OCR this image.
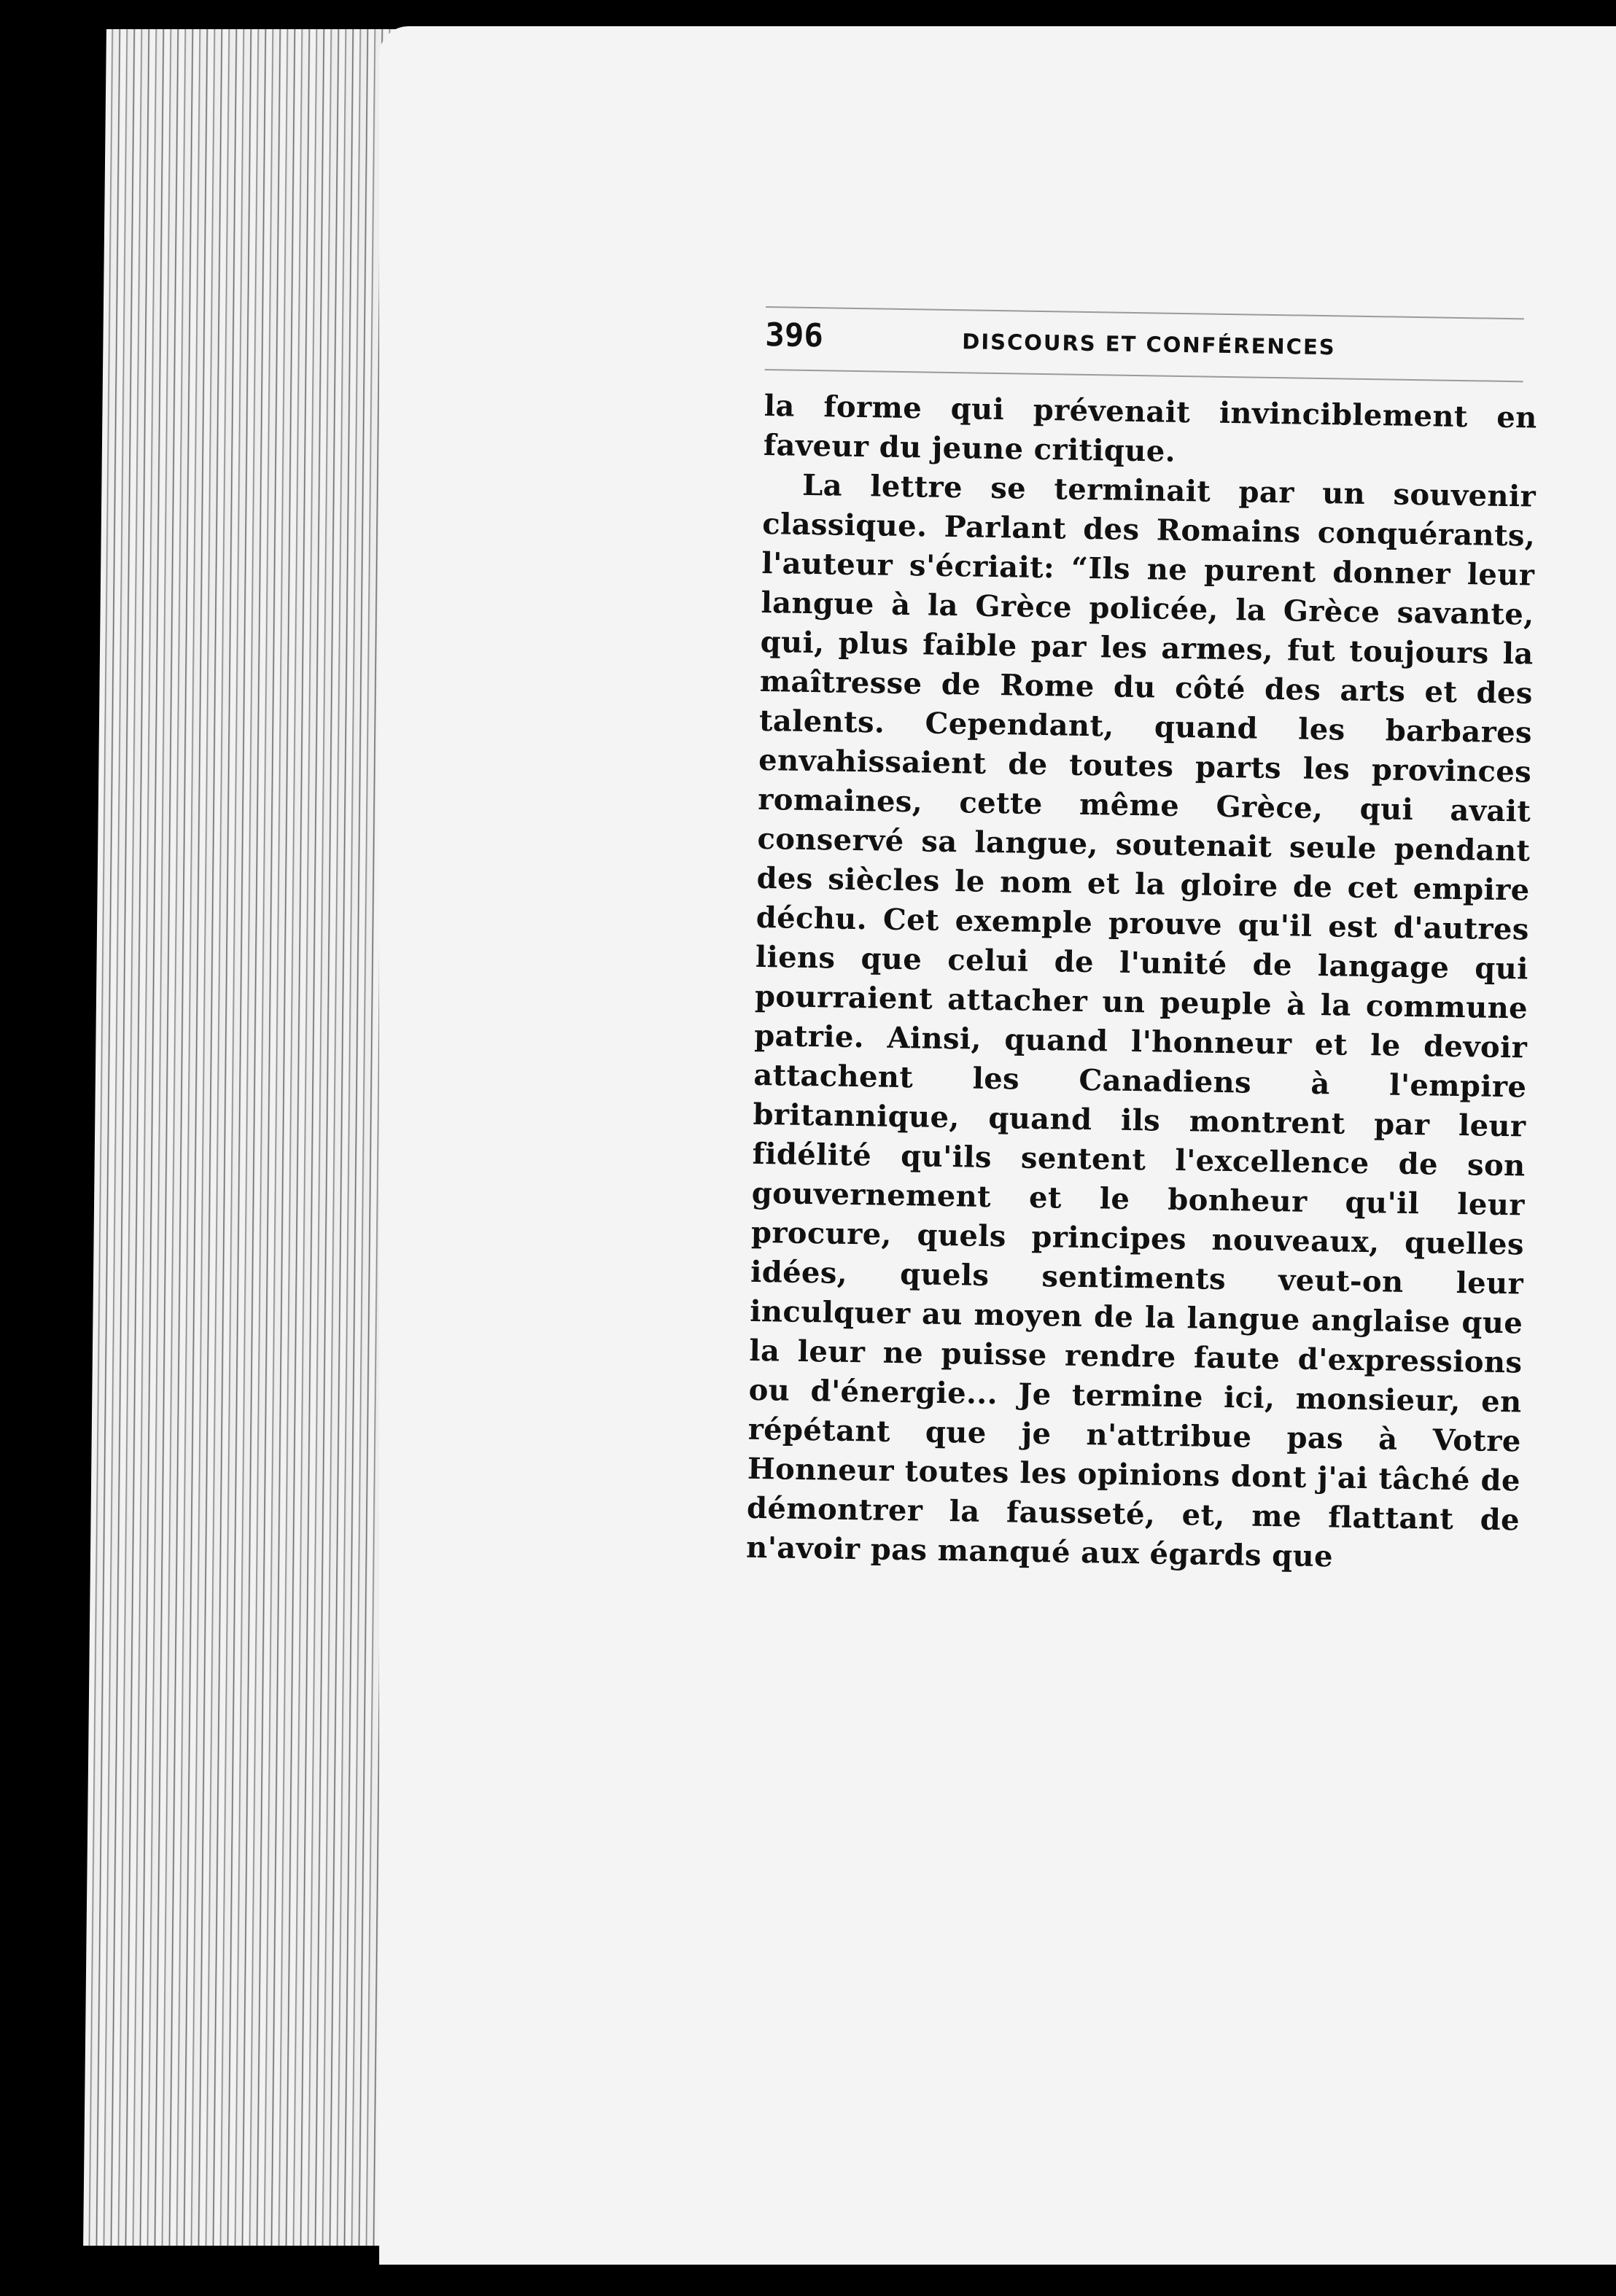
396	DISCOURS ET CONFÉRENCES

la forme qui prévenait invinciblement en faveur du jeune critique.

La lettre se terminait par un souvenir classique. Parlant des Romains conquérants, l'auteur s'écriait: “Ils ne purent donner leur langue à la Grèce policée, la Grèce savante, qui, plus faible par les armes, fut toujours la maîtresse de Rome du côté des arts et des talents. Cependant, quand les barbares envahissaient de toutes parts les provinces romaines, cette même Grèce, qui avait conservé sa langue, soutenait seule pendant des siècles le nom et la gloire de cet empire déchu. Cet exemple prouve qu'il est d'autres liens que celui de l'unité de langage qui pourraient attacher un peuple à la commune patrie. Ainsi, quand l'honneur et le devoir attachent les Canadiens à l'empire britannique, quand ils montrent par leur fidélité qu'ils sentent l'excellence de son gouvernement et le bonheur qu'il leur procure, quels principes nouveaux, quelles idées, quels sentiments veut-on leur inculquer au moyen de la langue anglaise que la leur ne puisse rendre faute d'expressions ou d'énergie... Je termine ici, monsieur, en répétant que je n'attribue pas à Votre Honneur toutes les opinions dont j'ai tâché de démontrer la fausseté, et, me flattant de n'avoir pas manqué aux égards que
